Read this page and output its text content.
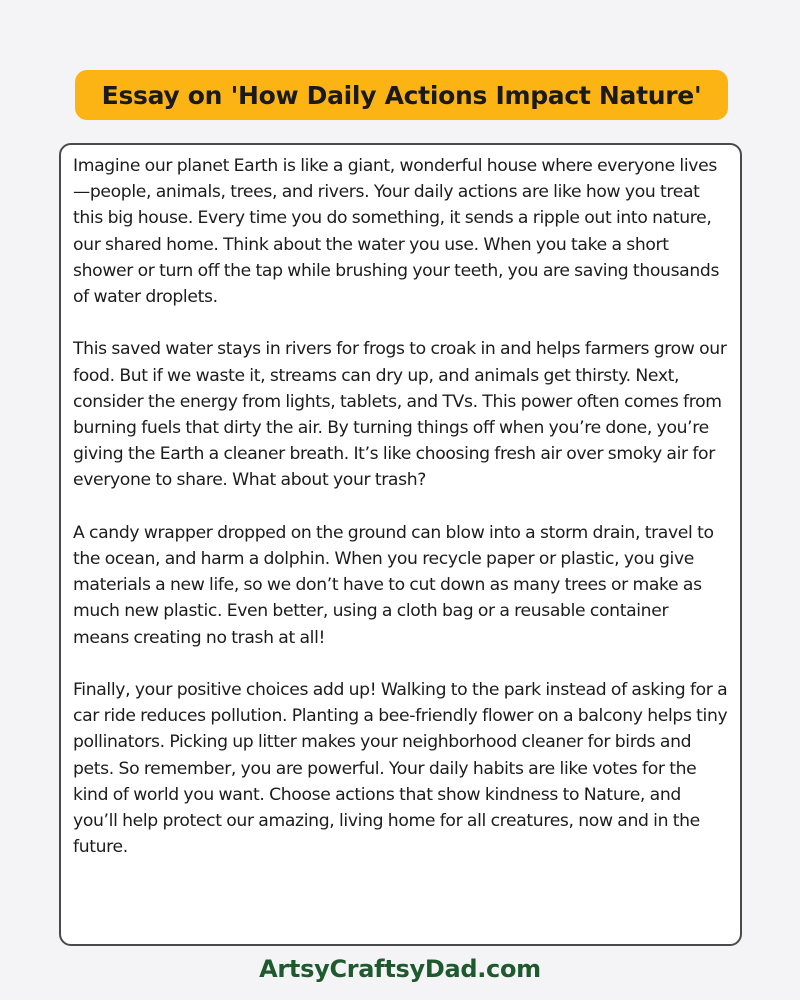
Essay on 'How Daily Actions Impact Nature'

Imagine our planet Earth is like a giant, wonderful house where everyone lives—people, animals, trees, and rivers. Your daily actions are like how you treat this big house. Every time you do something, it sends a ripple out into nature, our shared home. Think about the water you use. When you take a short shower or turn off the tap while brushing your teeth, you are saving thousands of water droplets.

This saved water stays in rivers for frogs to croak in and helps farmers grow our food. But if we waste it, streams can dry up, and animals get thirsty. Next, consider the energy from lights, tablets, and TVs. This power often comes from burning fuels that dirty the air. By turning things off when you’re done, you’re giving the Earth a cleaner breath. It’s like choosing fresh air over smoky air for everyone to share. What about your trash?

A candy wrapper dropped on the ground can blow into a storm drain, travel to the ocean, and harm a dolphin. When you recycle paper or plastic, you give materials a new life, so we don’t have to cut down as many trees or make as much new plastic. Even better, using a cloth bag or a reusable container means creating no trash at all!

Finally, your positive choices add up! Walking to the park instead of asking for a car ride reduces pollution. Planting a bee-friendly flower on a balcony helps tiny pollinators. Picking up litter makes your neighborhood cleaner for birds and pets. So remember, you are powerful. Your daily habits are like votes for the kind of world you want. Choose actions that show kindness to Nature, and you’ll help protect our amazing, living home for all creatures, now and in the future.

ArtsyCraftsyDad.com
